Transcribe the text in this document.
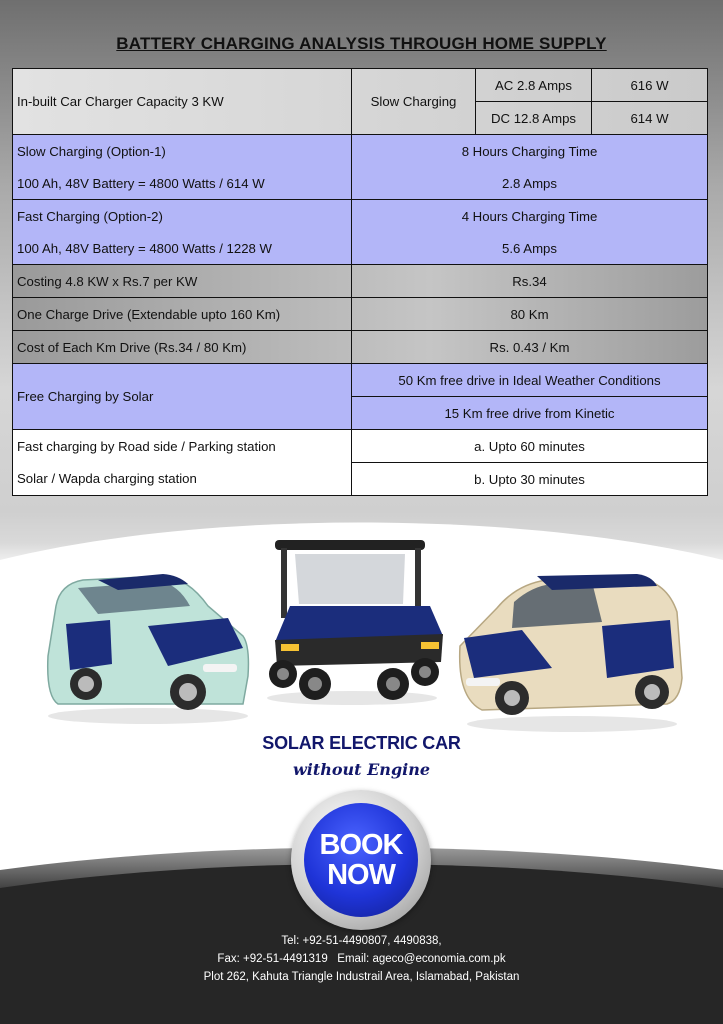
BATTERY CHARGING ANALYSIS THROUGH HOME SUPPLY
In-built Car Charger Capacity 3 KW	Slow Charging	AC 2.8 Amps	616 W
		DC 12.8 Amps	614 W
Slow Charging (Option-1)	8 Hours Charging Time		
100 Ah, 48V Battery = 4800 Watts / 614 W	2.8 Amps		
Fast Charging (Option-2)	4 Hours Charging Time		
100 Ah, 48V Battery = 4800 Watts / 1228 W	5.6 Amps		
Costing 4.8 KW x Rs.7 per KW	Rs.34		
One Charge Drive (Extendable upto 160 Km)	80 Km		
Cost of Each Km Drive (Rs.34 / 80 Km)	Rs. 0.43 / Km		
Free Charging by Solar	50 Km free drive in Ideal Weather Conditions		
	15 Km free drive from Kinetic		
Fast charging by Road side / Parking station	a. Upto 60 minutes		
Solar / Wapda charging station	b. Upto 30 minutes		
SOLAR ELECTRIC CAR
without Engine
BOOK
NOW
Tel: +92-51-4490807, 4490838,
Fax: +92-51-4491319   Email: ageco@economia.com.pk
Plot 262, Kahuta Triangle Industrail Area, Islamabad, Pakistan
